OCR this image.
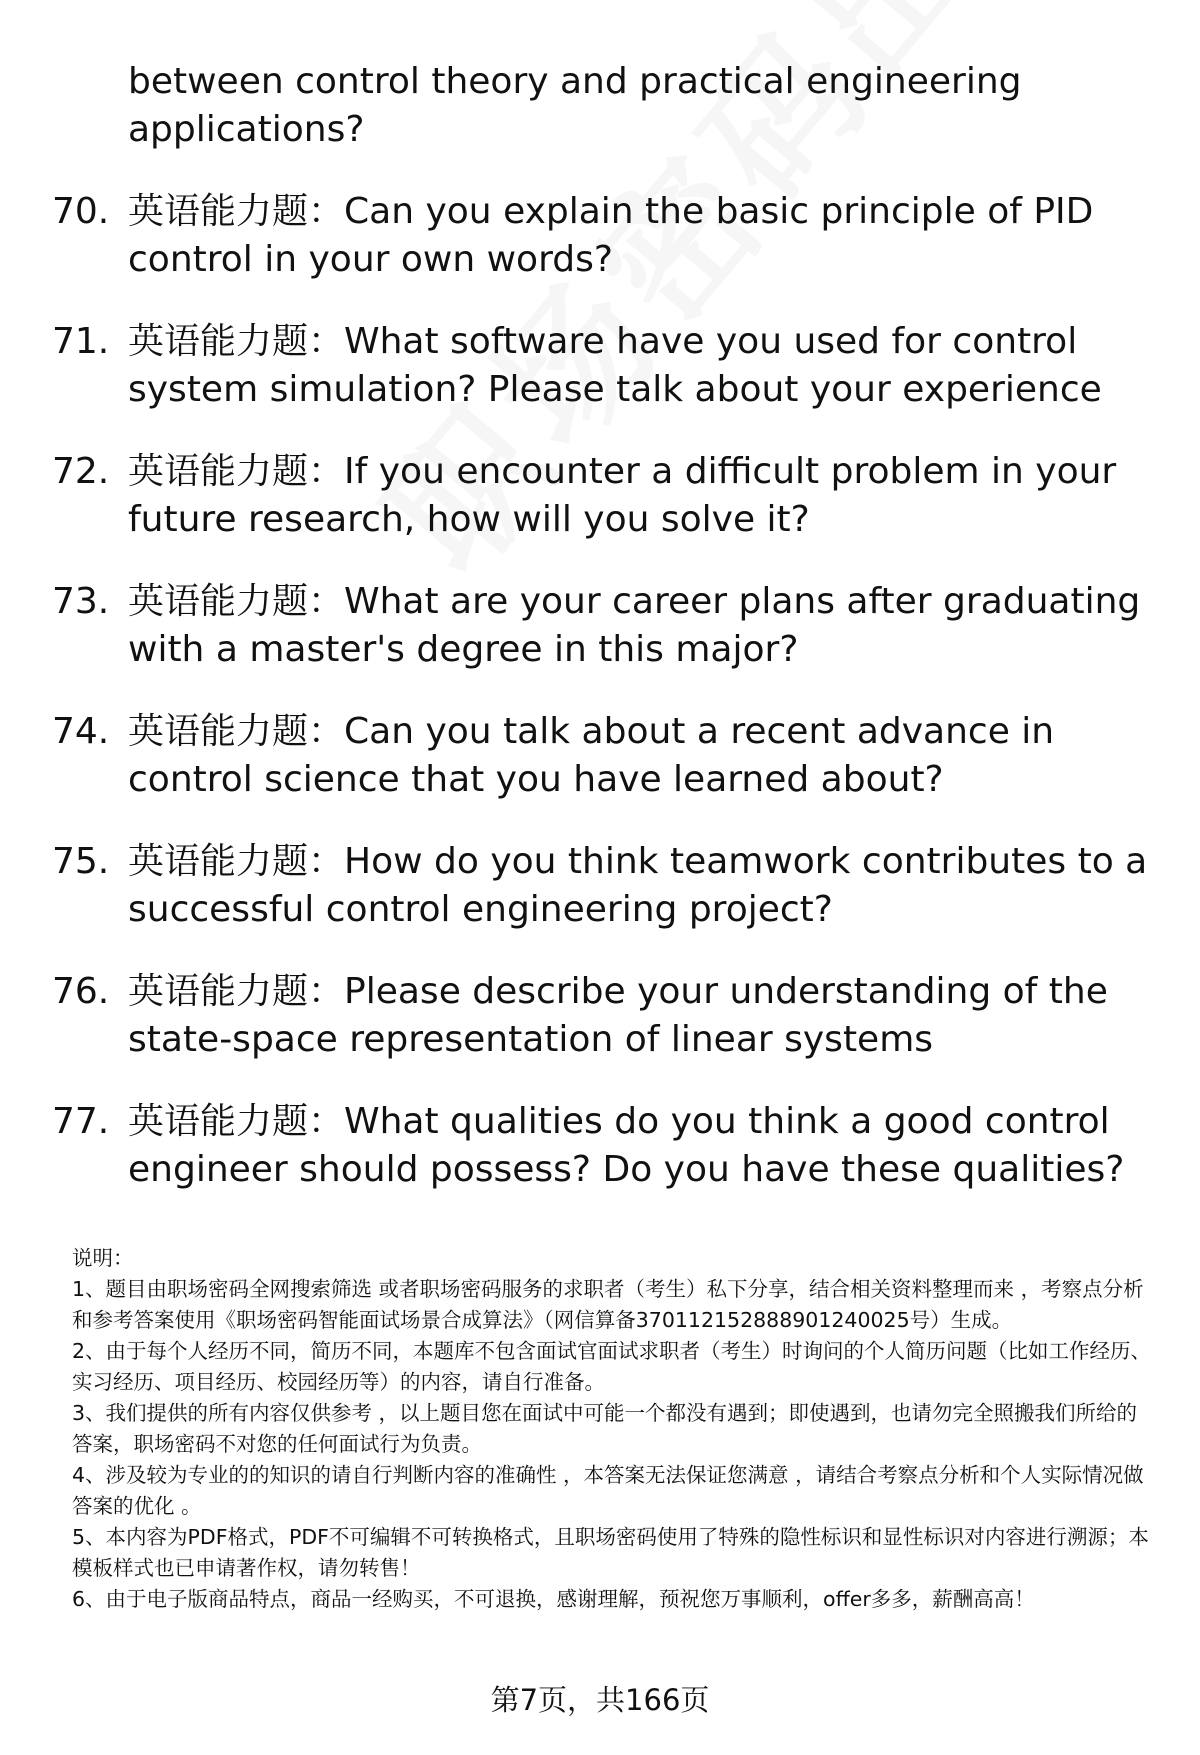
between control theory and practical engineering applications?
70. 英语能力题：Can you explain the basic principle of PID control in your own words?
71. 英语能力题：What software have you used for control system simulation? Please talk about your experience
72. 英语能力题：If you encounter a difficult problem in your future research, how will you solve it?
73. 英语能力题：What are your career plans after graduating with a master's degree in this major?
74. 英语能力题：Can you talk about a recent advance in control science that you have learned about?
75. 英语能力题：How do you think teamwork contributes to a successful control engineering project?
76. 英语能力题：Please describe your understanding of the state-space representation of linear systems
77. 英语能力题：What qualities do you think a good control engineer should possess? Do you have these qualities?

说明：

1、题目由职场密码全网搜索筛选 或者职场密码服务的求职者（考生）私下分享，结合相关资料整理而来 ，考察点分析和参考答案使用《职场密码智能面试场景合成算法》（网信算备370112152888901240025号）生成。

2、由于每个人经历不同，简历不同，本题库不包含面试官面试求职者（考生）时询问的个人简历问题（比如工作经历、实习经历、项目经历、校园经历等）的内容，请自行准备。

3、我们提供的所有内容仅供参考 ，以上题目您在面试中可能一个都没有遇到；即使遇到，也请勿完全照搬我们所给的答案，职场密码不对您的任何面试行为负责。

4、涉及较为专业的的知识的请自行判断内容的准确性 ，本答案无法保证您满意 ，请结合考察点分析和个人实际情况做答案的优化 。

5、本内容为PDF格式，PDF不可编辑不可转换格式，且职场密码使用了特殊的隐性标识和显性标识对内容进行溯源；本模板样式也已申请著作权，请勿转售！

6、由于电子版商品特点，商品一经购买，不可退换，感谢理解，预祝您万事顺利，offer多多，薪酬高高！

第7页，共166页
